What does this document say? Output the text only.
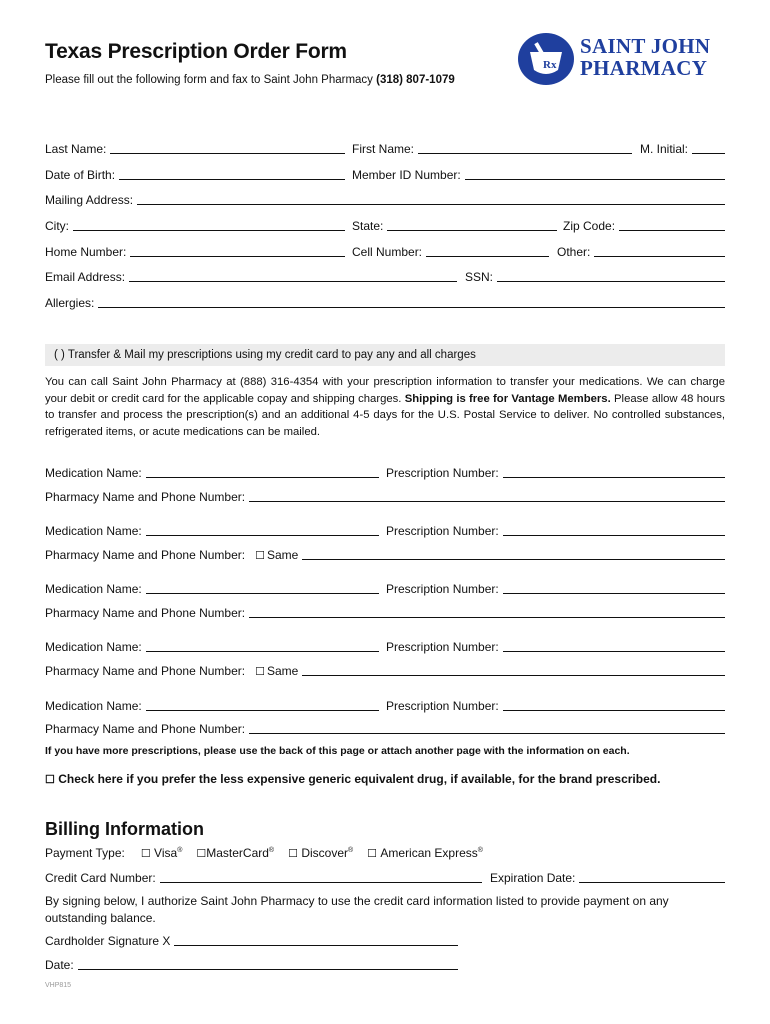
Texas Prescription Order Form
Please fill out the following form and fax to Saint John Pharmacy (318) 807-1079
Rx
SAINT JOHN
PHARMACY
Last Name:	First Name:	M. Initial:
Date of Birth:	Member ID Number:
Mailing Address:
City:	State:	Zip Code:
Home Number:	Cell Number:	Other:
Email Address:	SSN:
Allergies:
( ) Transfer & Mail my prescriptions using my credit card to pay any and all charges
You can call Saint John Pharmacy at (888) 316-4354 with your prescription information to transfer your medications. We can charge your debit or credit card for the applicable copay and shipping charges. Shipping is free for Vantage Members. Please allow 48 hours to transfer and process the prescription(s) and an additional 4-5 days for the U.S. Postal Service to deliver. No controlled substances, refrigerated items, or acute medications can be mailed.
Medication Name:	Prescription Number:
Pharmacy Name and Phone Number:
Medication Name:	Prescription Number:
Pharmacy Name and Phone Number: ☐ Same
Medication Name:	Prescription Number:
Pharmacy Name and Phone Number:
Medication Name:	Prescription Number:
Pharmacy Name and Phone Number: ☐ Same
Medication Name:	Prescription Number:
Pharmacy Name and Phone Number:
If you have more prescriptions, please use the back of this page or attach another page with the information on each.
☐ Check here if you prefer the less expensive generic equivalent drug, if available, for the brand prescribed.
Billing Information
Payment Type: ☐ Visa® ☐MasterCard® ☐ Discover® ☐ American Express®
Credit Card Number:	Expiration Date:
By signing below, I authorize Saint John Pharmacy to use the credit card information listed to provide payment on any outstanding balance.
Cardholder Signature X
Date:
VHP815
